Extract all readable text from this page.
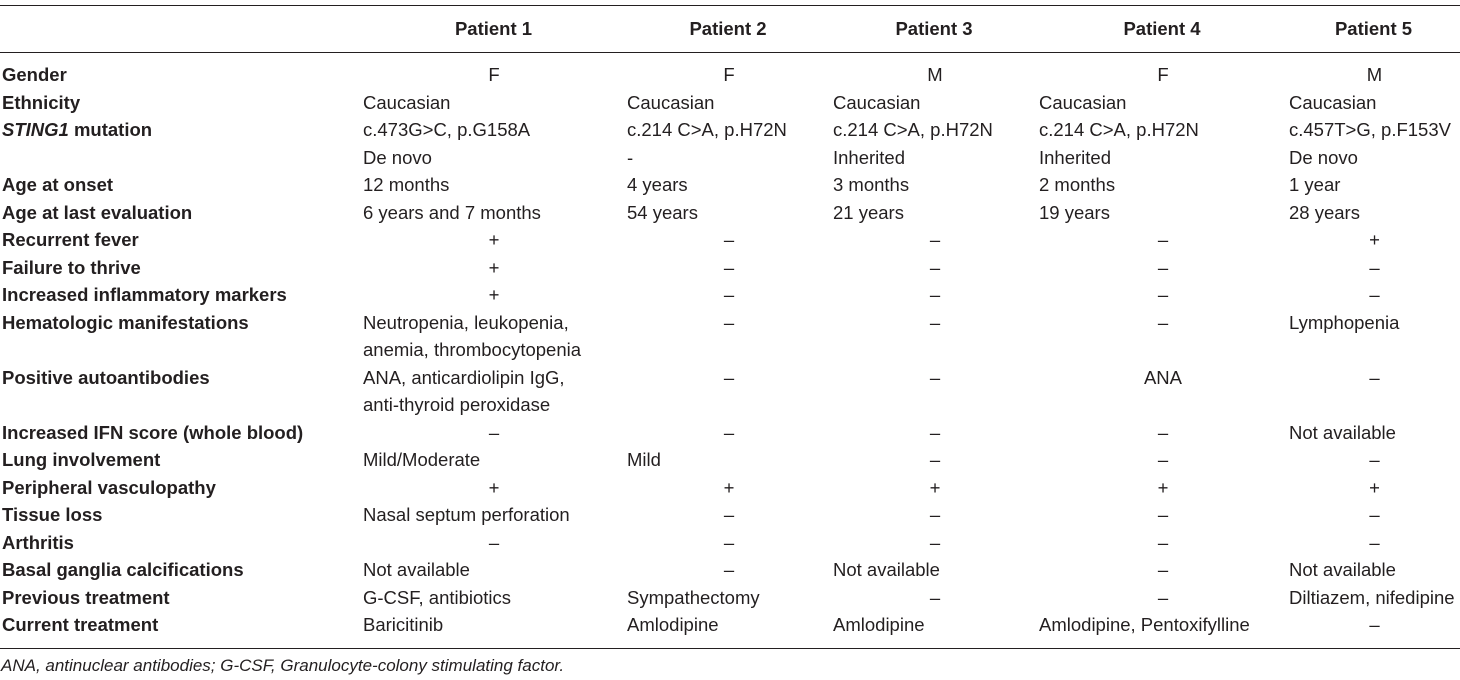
	Patient 1	Patient 2	Patient 3	Patient 4	Patient 5
Gender	F	F	M	F	M
Ethnicity	Caucasian	Caucasian	Caucasian	Caucasian	Caucasian
STING1 mutation	c.473G>C, p.G158A	c.214 C>A, p.H72N	c.214 C>A, p.H72N	c.214 C>A, p.H72N	c.457T>G, p.F153V
	De novo	-	Inherited	Inherited	De novo
Age at onset	12 months	4 years	3 months	2 months	1 year
Age at last evaluation	6 years and 7 months	54 years	21 years	19 years	28 years
Recurrent fever	+	–	–	–	+
Failure to thrive	+	–	–	–	–
Increased inflammatory markers	+	–	–	–	–
Hematologic manifestations	Neutropenia, leukopenia,	–	–	–	Lymphopenia
	anemia, thrombocytopenia				
Positive autoantibodies	ANA, anticardiolipin IgG,	–	–	ANA	–
	anti-thyroid peroxidase				
Increased IFN score (whole blood)	–	–	–	–	Not available
Lung involvement	Mild/Moderate	Mild	–	–	–
Peripheral vasculopathy	+	+	+	+	+
Tissue loss	Nasal septum perforation	–	–	–	–
Arthritis	–	–	–	–	–
Basal ganglia calcifications	Not available	–	Not available	–	Not available
Previous treatment	G-CSF, antibiotics	Sympathectomy	–	–	Diltiazem, nifedipine
Current treatment	Baricitinib	Amlodipine	Amlodipine	Amlodipine, Pentoxifylline	–
ANA, antinuclear antibodies; G-CSF, Granulocyte-colony stimulating factor.
